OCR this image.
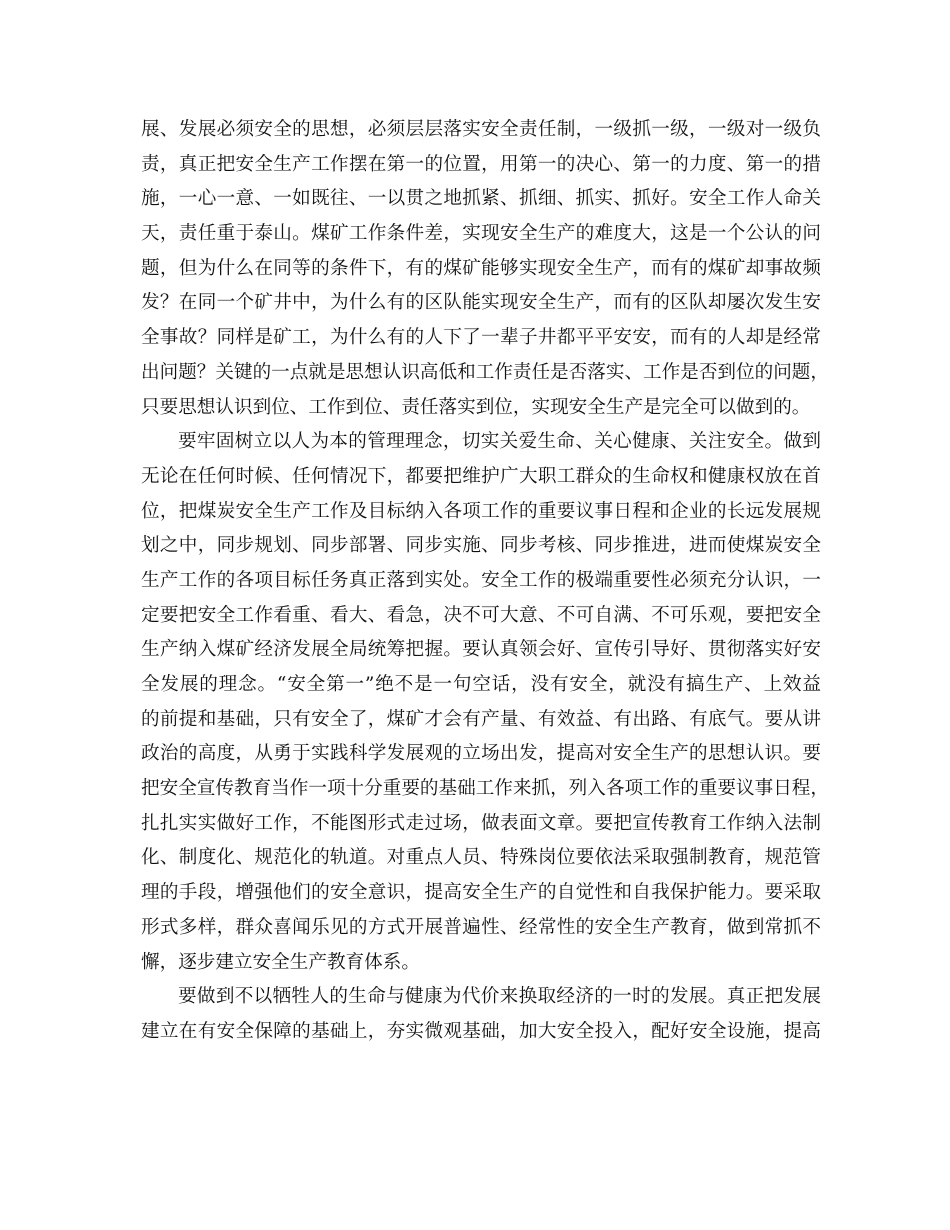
展、发展必须安全的思想，必须层层落实安全责任制，一级抓一级，一级对一级负
责，真正把安全生产工作摆在第一的位置，用第一的决心、第一的力度、第一的措
施，一心一意、一如既往、一以贯之地抓紧、抓细、抓实、抓好。安全工作人命关
天，责任重于泰山。煤矿工作条件差，实现安全生产的难度大，这是一个公认的问
题，但为什么在同等的条件下，有的煤矿能够实现安全生产，而有的煤矿却事故频
发？在同一个矿井中，为什么有的区队能实现安全生产，而有的区队却屡次发生安
全事故？同样是矿工，为什么有的人下了一辈子井都平平安安，而有的人却是经常
出问题？关键的一点就是思想认识高低和工作责任是否落实、工作是否到位的问题，
只要思想认识到位、工作到位、责任落实到位，实现安全生产是完全可以做到的。
要牢固树立以人为本的管理理念，切实关爱生命、关心健康、关注安全。做到
无论在任何时候、任何情况下，都要把维护广大职工群众的生命权和健康权放在首
位，把煤炭安全生产工作及目标纳入各项工作的重要议事日程和企业的长远发展规
划之中，同步规划、同步部署、同步实施、同步考核、同步推进，进而使煤炭安全
生产工作的各项目标任务真正落到实处。安全工作的极端重要性必须充分认识，一
定要把安全工作看重、看大、看急，决不可大意、不可自满、不可乐观，要把安全
生产纳入煤矿经济发展全局统筹把握。要认真领会好、宣传引导好、贯彻落实好安
全发展的理念。“安全第一”绝不是一句空话，没有安全，就没有搞生产、上效益
的前提和基础，只有安全了，煤矿才会有产量、有效益、有出路、有底气。要从讲
政治的高度，从勇于实践科学发展观的立场出发，提高对安全生产的思想认识。要
把安全宣传教育当作一项十分重要的基础工作来抓，列入各项工作的重要议事日程，
扎扎实实做好工作，不能图形式走过场，做表面文章。要把宣传教育工作纳入法制
化、制度化、规范化的轨道。对重点人员、特殊岗位要依法采取强制教育，规范管
理的手段，增强他们的安全意识，提高安全生产的自觉性和自我保护能力。要采取
形式多样，群众喜闻乐见的方式开展普遍性、经常性的安全生产教育，做到常抓不
懈，逐步建立安全生产教育体系。
要做到不以牺牲人的生命与健康为代价来换取经济的一时的发展。真正把发展
建立在有安全保障的基础上，夯实微观基础，加大安全投入，配好安全设施，提高
